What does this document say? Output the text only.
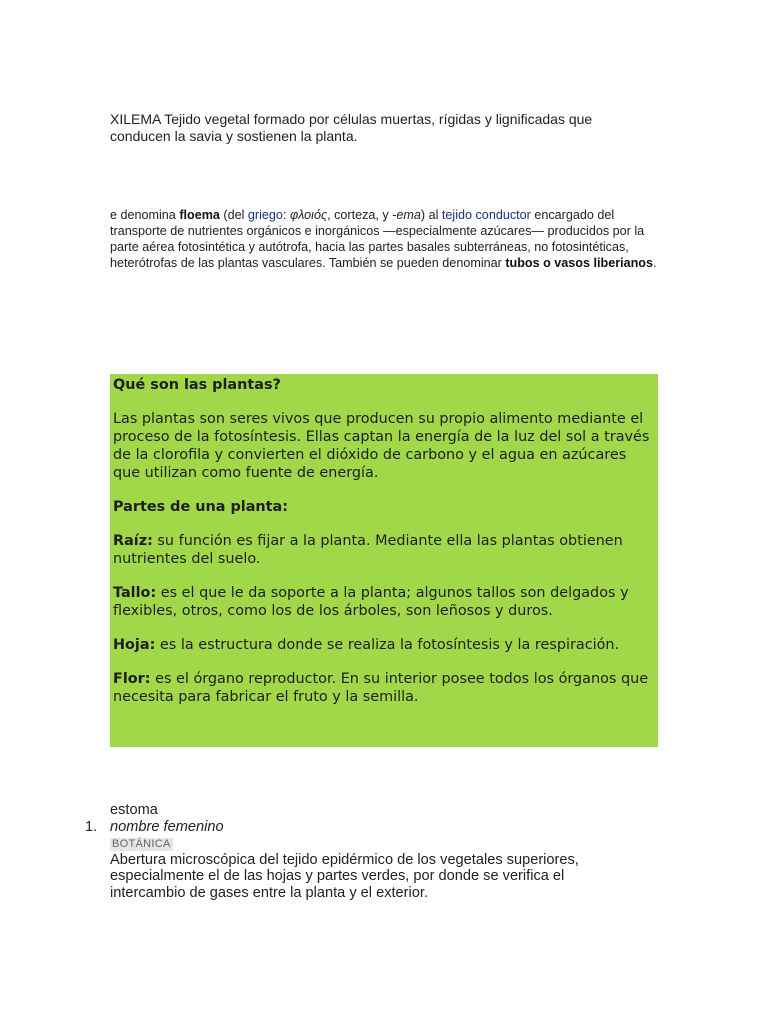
XILEMA Tejido vegetal formado por células muertas, rígidas y lignificadas que conducen la savia y sostienen la planta.
e denomina floema (del griego: φλοιός, corteza, y -ema) al tejido conductor encargado del transporte de nutrientes orgánicos e inorgánicos —especialmente azúcares— producidos por la parte aérea fotosintética y autótrofa, hacia las partes basales subterráneas, no fotosintéticas, heterótrofas de las plantas vasculares. También se pueden denominar tubos o vasos liberianos.

Qué son las plantas?

Las plantas son seres vivos que producen su propio alimento mediante el proceso de la fotosíntesis. Ellas captan la energía de la luz del sol a través de la clorofila y convierten el dióxido de carbono y el agua en azúcares que utilizan como fuente de energía.

Partes de una planta:

Raíz: su función es fijar a la planta. Mediante ella las plantas obtienen nutrientes del suelo.

Tallo: es el que le da soporte a la planta; algunos tallos son delgados y flexibles, otros, como los de los árboles, son leñosos y duros.

Hoja: es la estructura donde se realiza la fotosíntesis y la respiración.

Flor: es el órgano reproductor. En su interior posee todos los órganos que necesita para fabricar el fruto y la semilla.

estoma
1. nombre femenino
BOTÁNICA
Abertura microscópica del tejido epidérmico de los vegetales superiores, especialmente el de las hojas y partes verdes, por donde se verifica el intercambio de gases entre la planta y el exterior.
